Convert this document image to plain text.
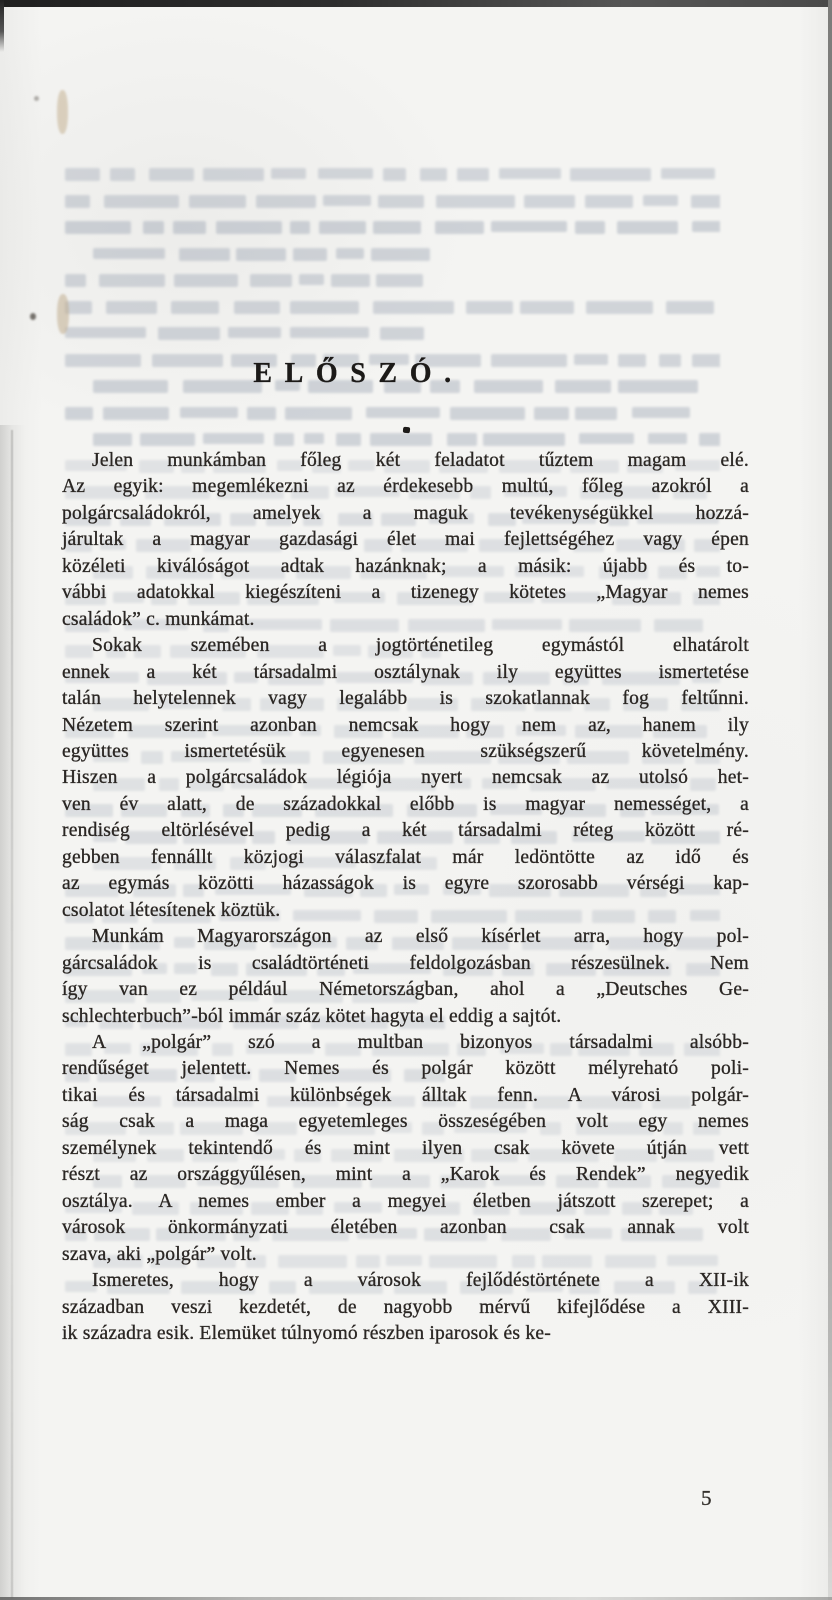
ELŐSZÓ.
Jelen munkámban főleg két feladatot tűztem magam elé.
Az egyik: megemlékezni az érdekesebb multú, főleg azokról a
polgárcsaládokról, amelyek a maguk tevékenységükkel hozzá-
járultak a magyar gazdasági élet mai fejlettségéhez vagy épen
közéleti kiválóságot adtak hazánknak; a másik: újabb és to-
vábbi adatokkal kiegészíteni a tizenegy kötetes „Magyar nemes
családok” c. munkámat.
Sokak szemében a jogtörténetileg egymástól elhatárolt
ennek a két társadalmi osztálynak ily együttes ismertetése
talán helytelennek vagy legalább is szokatlannak fog feltűnni.
Nézetem szerint azonban nemcsak hogy nem az, hanem ily
együttes ismertetésük egyenesen szükségszerű követelmény.
Hiszen a polgárcsaládok légiója nyert nemcsak az utolsó het-
ven év alatt, de századokkal előbb is magyar nemességet, a
rendiség eltörlésével pedig a két társadalmi réteg között ré-
gebben fennállt közjogi válaszfalat már ledöntötte az idő és
az egymás közötti házasságok is egyre szorosabb vérségi kap-
csolatot létesítenek köztük.
Munkám Magyarországon az első kísérlet arra, hogy pol-
gárcsaládok is családtörténeti feldolgozásban részesülnek. Nem
így van ez például Németországban, ahol a „Deutsches Ge-
schlechterbuch”-ból immár száz kötet hagyta el eddig a sajtót.
A „polgár” szó a multban bizonyos társadalmi alsóbb-
rendűséget jelentett. Nemes és polgár között mélyreható poli-
tikai és társadalmi különbségek álltak fenn. A városi polgár-
ság csak a maga egyetemleges összeségében volt egy nemes
személynek tekintendő és mint ilyen csak követe útján vett
részt az országgyűlésen, mint a „Karok és Rendek” negyedik
osztálya. A nemes ember a megyei életben játszott szerepet; a
városok önkormányzati életében azonban csak annak volt
szava, aki „polgár” volt.
Ismeretes, hogy a városok fejlődéstörténete a XII-ik
században veszi kezdetét, de nagyobb mérvű kifejlődése a XIII-
ik századra esik. Elemüket túlnyomó részben iparosok és ke-
5
